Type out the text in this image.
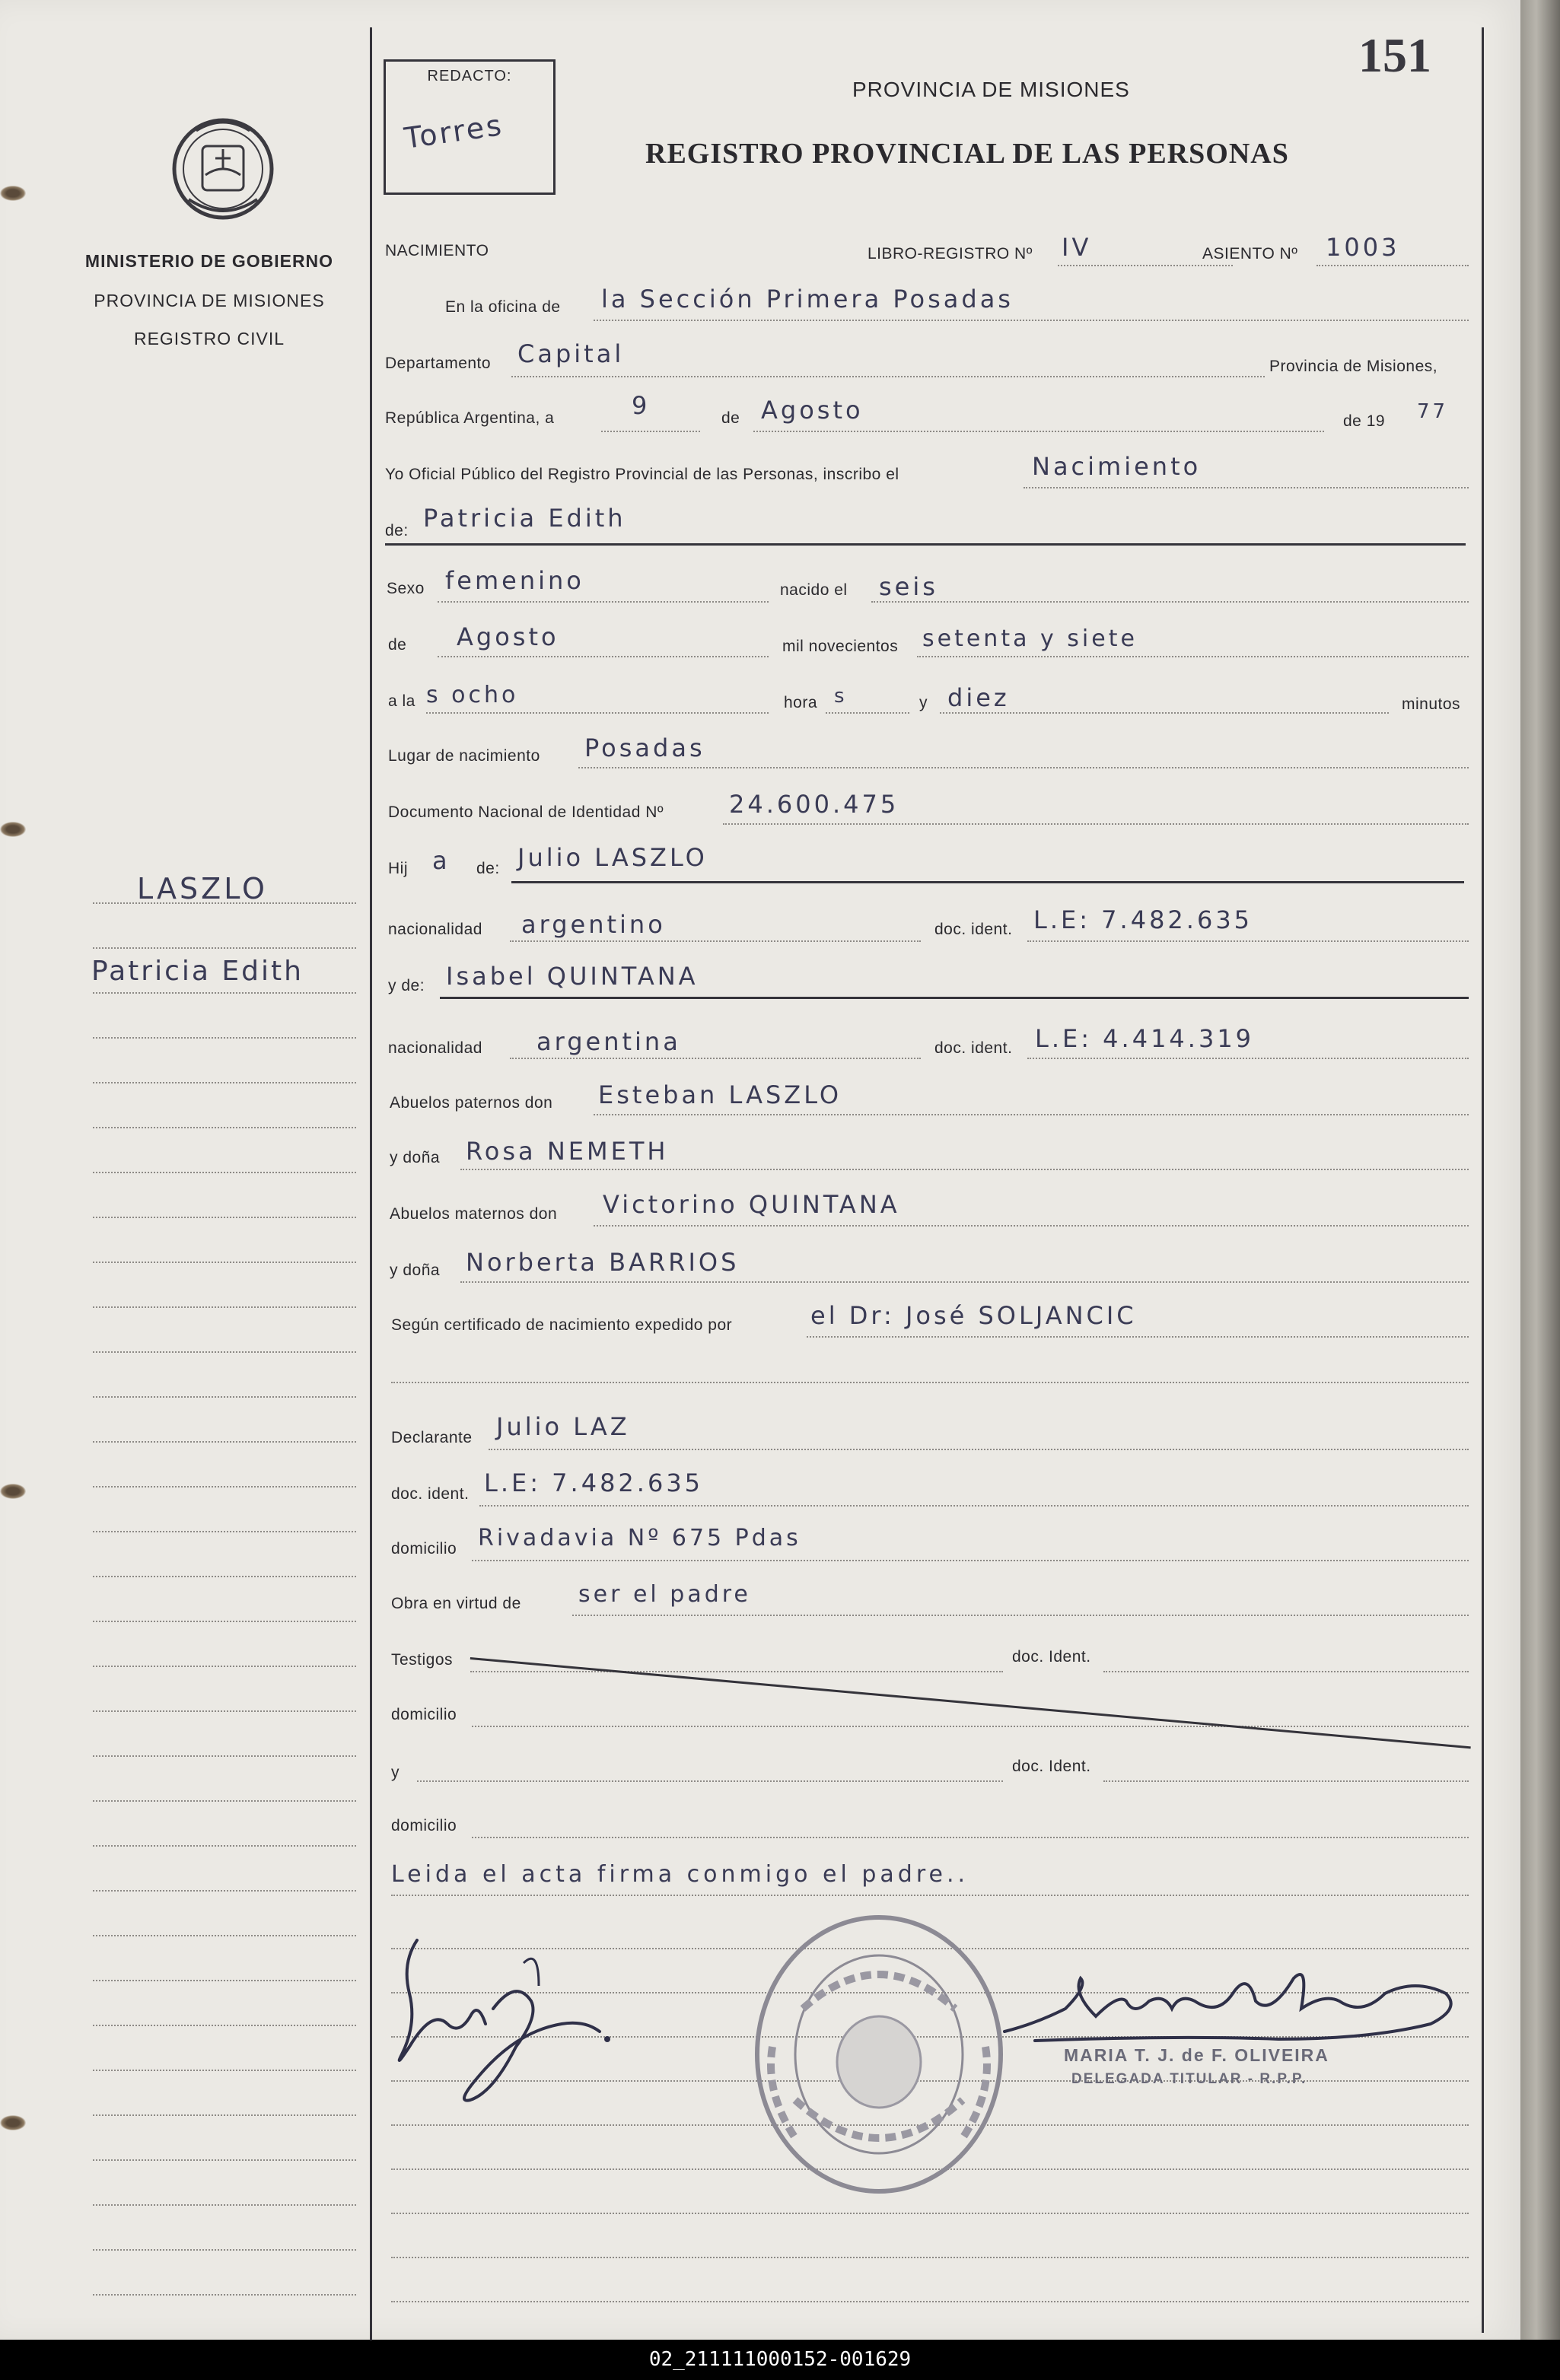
02_211111000152-001629
MINISTERIO DE GOBIERNO
PROVINCIA DE MISIONES
REGISTRO CIVIL
LASZLO
Patricia Edith
REDACTO:
Torres
PROVINCIA DE MISIONES
REGISTRO PROVINCIAL DE LAS PERSONAS
151
NACIMIENTO	LIBRO-REGISTRO Nº IV	ASIENTO Nº 1003
En la oficina de la Sección Primera Posadas
Departamento Capital	Provincia de Misiones,
República Argentina, a	9	de Agosto	de 19 77
Yo Oficial Público del Registro Provincial de las Personas, inscribo el	Nacimiento
de: Patricia Edith
Sexo femenino	nacido el seis
de Agosto	mil novecientos setenta y siete
a la s ocho	hora s	y diez	minutos
Lugar de nacimiento Posadas
Documento Nacional de Identidad Nº	24.600.475
Hij a de: Julio LASZLO
nacionalidad argentino	doc. ident. L.E: 7.482.635
y de: Isabel QUINTANA
nacionalidad argentina	doc. ident. L.E: 4.414.319
Abuelos paternos don Esteban LASZLO
y doña Rosa NEMETH
Abuelos maternos don Victorino QUINTANA
y doña Norberta BARRIOS
Según certificado de nacimiento expedido por	el Dr: José SOLJANCIC
Declarante Julio LAZ
doc. ident. L.E: 7.482.635
domicilio Rivadavia Nº 675 Pdas
Obra en virtud de	ser el padre
Testigos	doc. Ident.
domicilio
y	doc. Ident.
domicilio
Leida el acta firma conmigo el padre..
MARIA T. J. de F. OLIVEIRA
DELEGADA TITULAR - R.P.P.
